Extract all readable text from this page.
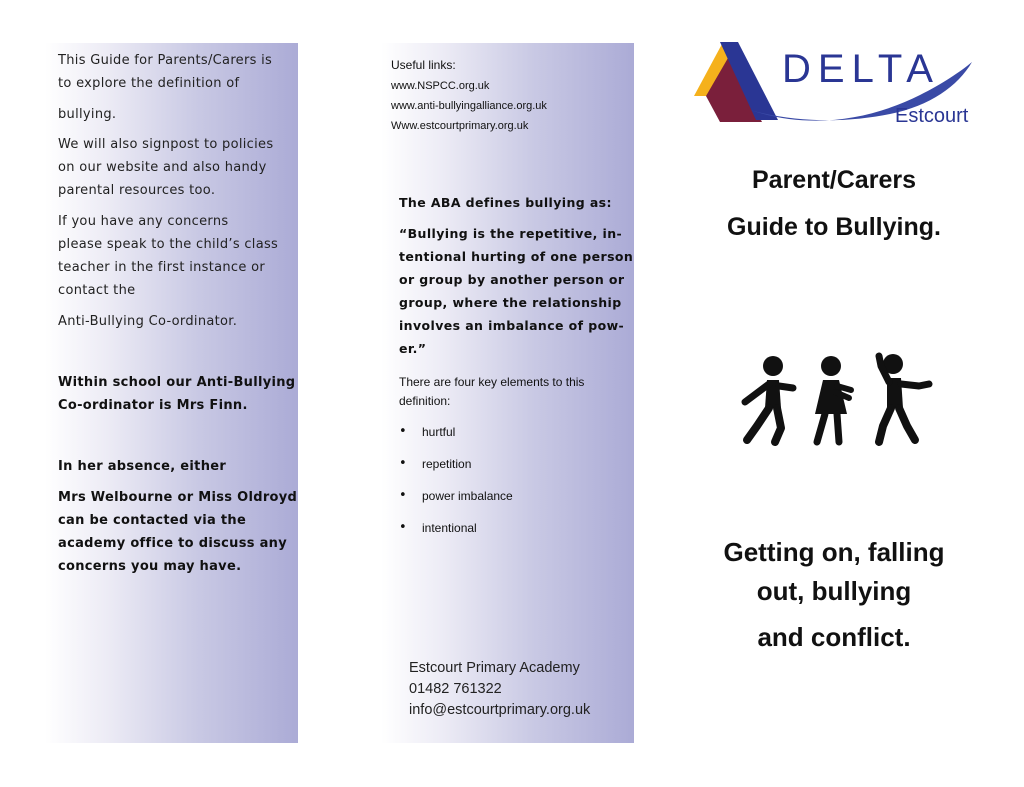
This Guide for Parents/Carers is

to explore the definition of

bullying.

We will also signpost to policies

on our website and also handy

parental resources too.

If you have any concerns

please speak to the child’s class

teacher in the first instance or

contact the

Anti-Bullying Co-ordinator.

Within school our Anti-Bullying

Co-ordinator is Mrs Finn.

In her absence, either

Mrs Welbourne or Miss Oldroyd

can be contacted via the

academy office to discuss any

concerns you may have.

Useful links:

www.NSPCC.org.uk

www.anti-bullyingalliance.org.uk

Www.estcourtprimary.org.uk

The ABA defines bullying as:

“Bullying is the repetitive, in-

tentional hurting of one person

or group by another person or

group, where the relationship

involves an imbalance of pow-

er.”

There are four key elements to this

definition:

• hurtful

• repetition

• power imbalance

• intentional

Estcourt Primary Academy

01482 761322

info@estcourtprimary.org.uk

DELTA
Estcourt

Parent/Carers

Guide to Bullying.

Getting on, falling

out, bullying

and conflict.
